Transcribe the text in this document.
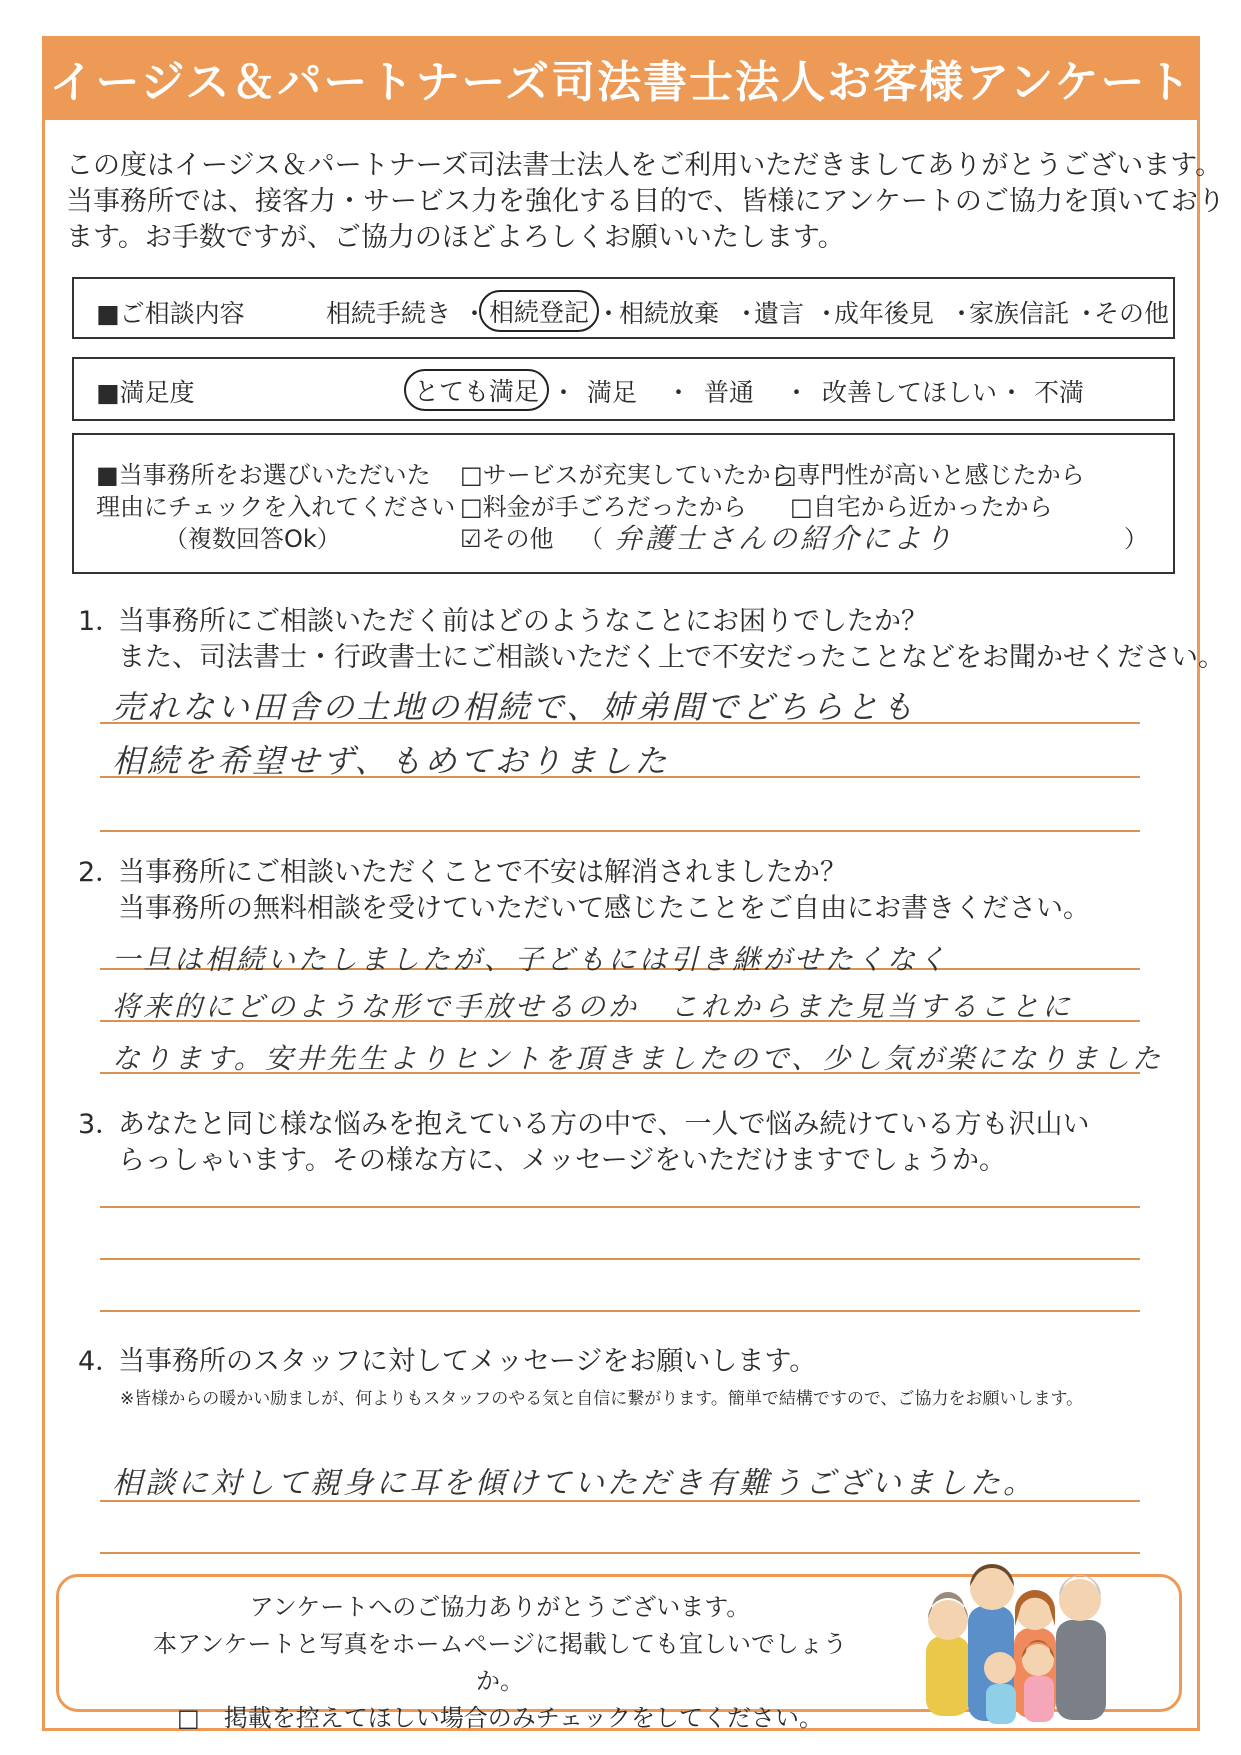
イージス＆パートナーズ司法書士法人お客様アンケート
この度はイージス＆パートナーズ司法書士法人をご利用いただきましてありがとうございます。
当事務所では、接客力・サービス力を強化する目的で、皆様にアンケートのご協力を頂いており
ます。お手数ですが、ご協力のほどよろしくお願いいたします。
■ご相談内容	相続手続き ・ 相続登記 ・
相続放棄 ・
遺言 ・
成年後見 ・
家族信託 ・
その他
■満足度	とても満足 ・ 満足 ・ 普通 ・ 改善してほしい ・ 不満
■当事務所をお選びいただいた
理由にチェックを入れてください
（複数回答Ok）
□サービスが充実していたから
□専門性が高いと感じたから
□料金が手ごろだったから □自宅から近かったから
☑その他 （ 弁護士さんの紹介により	）
1．当事務所にご相談いただく前はどのようなことにお困りでしたか？
また、司法書士・行政書士にご相談いただく上で不安だったことなどをお聞かせください。
売れない田舎の土地の相続で、姉弟間でどちらとも
相続を希望せず、もめておりました
2．当事務所にご相談いただくことで不安は解消されましたか？
当事務所の無料相談を受けていただいて感じたことをご自由にお書きください。
一旦は相続いたしましたが、子どもには引き継がせたくなく
将来的にどのような形で手放せるのか　これからまた見当することに
なります。安井先生よりヒントを頂きましたので、少し気が楽になりました
3．あなたと同じ様な悩みを抱えている方の中で、一人で悩み続けている方も沢山い
らっしゃいます。その様な方に、メッセージをいただけますでしょうか。
4．当事務所のスタッフに対してメッセージをお願いします。
※皆様からの暖かい励ましが、何よりもスタッフのやる気と自信に繋がります。簡単で結構ですので、ご協力をお願いします。
相談に対して親身に耳を傾けていただき有難うございました。
アンケートへのご協力ありがとうございます。
本アンケートと写真をホームページに掲載しても宜しいでしょうか。
□　掲載を控えてほしい場合のみチェックをしてください。
